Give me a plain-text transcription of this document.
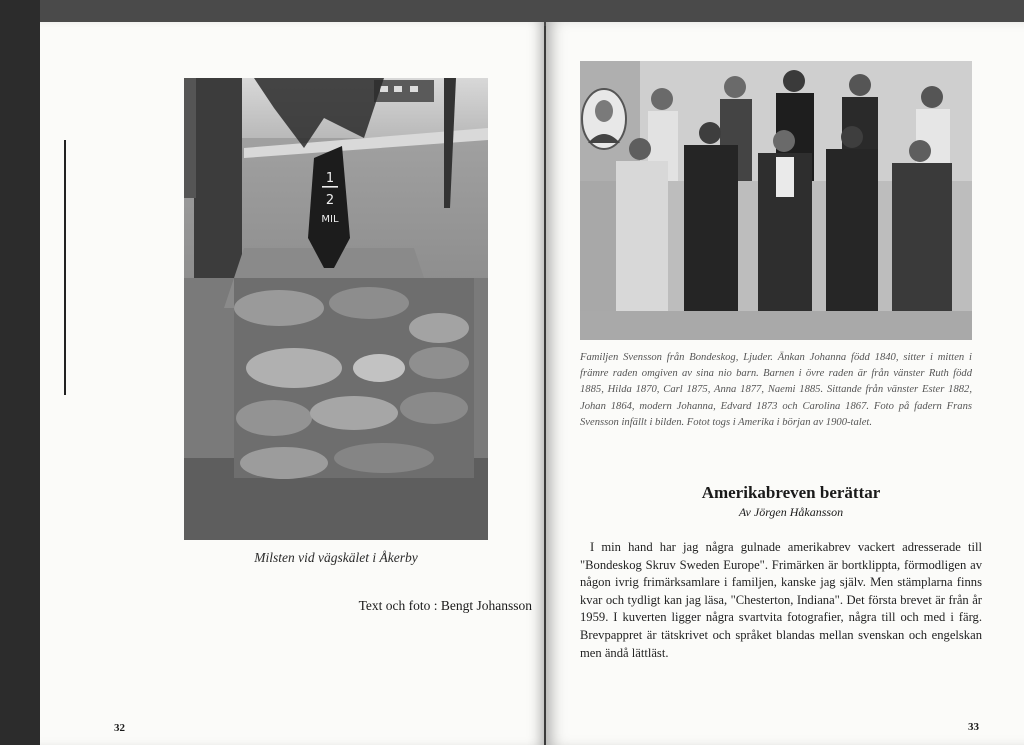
1
2
MIL
Milsten vid vägskälet i Åkerby
Text och foto : Bengt Johansson
32
Familjen Svensson från Bondeskog, Ljuder. Änkan Johanna född 1840, sitter i mitten i främre raden omgiven av sina nio barn. Barnen i övre raden är från vänster Ruth född 1885, Hilda 1870, Carl 1875, Anna 1877, Naemi 1885. Sittande från vänster Ester 1882, Johan 1864, modern Johanna, Edvard 1873 och Carolina 1867. Foto på fadern Frans Svensson infällt i bilden. Fotot togs i Amerika i början av 1900-talet.
Amerikabreven berättar
Av Jörgen Håkansson
I min hand har jag några gulnade amerikabrev vackert adresserade till "Bondeskog Skruv Sweden Europe". Frimärken är bortklippta, förmodligen av någon ivrig frimärksamlare i familjen, kanske jag själv. Men stämplarna finns kvar och tydligt kan jag läsa, "Chesterton, Indiana". Det första brevet är från år 1959. I kuverten ligger några svartvita fotografier, några till och med i färg. Brevpappret är tätskrivet och språket blandas mellan svenskan och engelskan men ändå lättläst.
33
